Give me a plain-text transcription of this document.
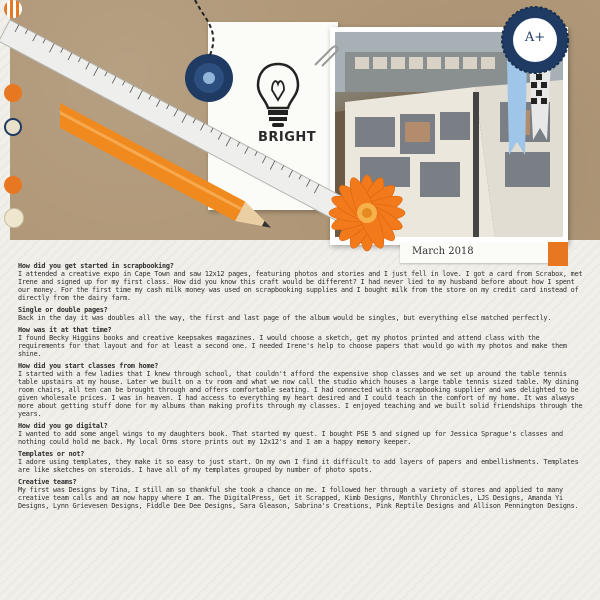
BRIGHT
March 2018
A+
How did you get started in scrapbooking?
I attended a creative expo in Cape Town and saw 12x12 pages, featuring photos and stories and I just fell in love. I got a card from Scrabox, met Irene and signed up for my first class. How did you know this craft would be different? I had never lied to my husband before about how I spent our money. For the first time my cash milk money was used on scrapbooking supplies and I bought milk from the store on my credit card instead of directly from the dairy farm.
Single or double pages?
Back in the day it was doubles all the way, the first and last page of the album would be singles, but everything else matched perfectly.
How was it at that time?
I found Becky Higgins books and creative keepsakes magazines. I would choose a sketch, get my photos printed and attend class with the requirements for that layout and for at least a second one. I needed Irene's help to choose papers that would go with my photos and make them shine.
How did you start classes from home?
I started with a few ladies that I knew through school, that couldn't afford the expensive shop classes and we set up around the table tennis table upstairs at my house. Later we built on a tv room and what we now call the studio which houses a large table tennis sized table. My dining room chairs, all ten can be brought through and offers comfortable seating. I had connected with a scrapbooking supplier and was delighted to be given wholesale prices. I was in heaven. I had access to everything my heart desired and I could teach in the comfort of my home. It was always more about getting stuff done for my albums than making profits through my classes. I enjoyed teaching and we built solid friendships through the years.
How did you go digital?
I wanted to add some angel wings to my daughters book. That started my quest. I bought PSE 5 and signed up for Jessica Sprague's classes and nothing could hold me back. My local Orms store prints out my 12x12's and I am a happy memory keeper.
Templates or not?
I adore using templates, they make it so easy to just start. On my own I find it difficult to add layers of papers and embellishments. Templates are like sketches on steroids. I have all of my templates grouped by number of photo spots.
Creative teams?
My first was Designs by Tina, I still am so thankful she took a chance on me. I followed her through a variety of stores and applied to many creative team calls and am now happy where I am. The DigitalPress, Get it Scrapped, Kimb Designs, Monthly Chronicles, LJS Designs, Amanda Yi Designs, Lynn Grievesen Designs, Fiddle Dee Dee Designs, Sara Gleason, Sabrina's Creations, Pink Reptile Designs and Allison Pennington Designs.
